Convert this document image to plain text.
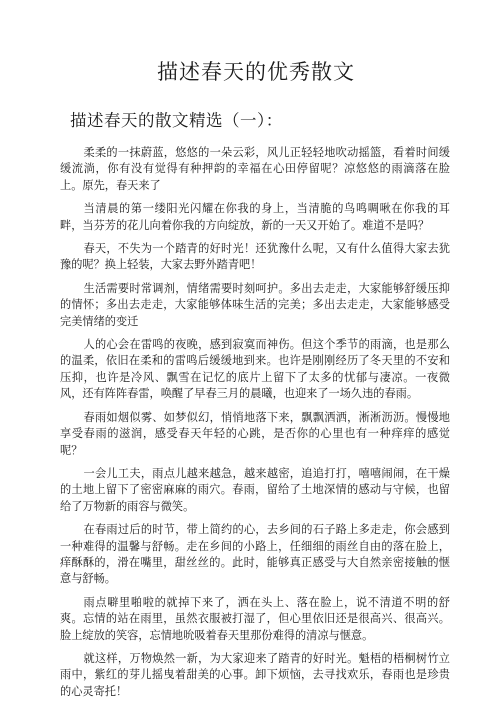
描述春天的优秀散文
描述春天的散文精选（一）：

柔柔的一抹蔚蓝，悠悠的一朵云彩，风儿正轻轻地吹动摇篮，看着时间缓缓流淌，你有没有觉得有种押韵的幸福在心田停留呢？凉悠悠的雨滴落在脸上。原先，春天来了

当清晨的第一缕阳光闪耀在你我的身上，当清脆的鸟鸣啁啾在你我的耳畔，当芬芳的花儿向着你我的方向绽放，新的一天又开始了。难道不是吗？

春天，不失为一个踏青的好时光！还犹豫什么呢，又有什么值得大家去犹豫的呢？换上轻装，大家去野外踏青吧！

生活需要时常调剂，情绪需要时刻呵护。多出去走走，大家能够舒缓压抑的情怀；多出去走走，大家能够体味生活的完美；多出去走走，大家能够感受完美情绪的变迁

人的心会在雷鸣的夜晚，感到寂寞而神伤。但这个季节的雨滴，也是那么的温柔，依旧在柔和的雷鸣后缓缓地到来。也许是刚刚经历了冬天里的不安和压抑，也许是冷风、飘雪在记忆的底片上留下了太多的忧郁与凄凉。一夜微风，还有阵阵春雷，唤醒了早春三月的晨曦，也迎来了一场久违的春雨。

春雨如烟似雾、如梦似幻，悄悄地落下来，飘飘洒洒，淅淅沥沥。慢慢地享受春雨的滋润，感受春天年轻的心跳，是否你的心里也有一种痒痒的感觉呢？

一会儿工夫，雨点儿越来越急，越来越密，追追打打，嘻嘻闹闹，在干燥的土地上留下了密密麻麻的雨穴。春雨，留给了土地深情的感动与守候，也留给了万物新的雨容与微笑。

在春雨过后的时节，带上简约的心，去乡间的石子路上多走走，你会感到一种难得的温馨与舒畅。走在乡间的小路上，任细细的雨丝自由的落在脸上，痒酥酥的，滑在嘴里，甜丝丝的。此时，能够真正感受与大自然亲密接触的惬意与舒畅。

雨点噼里啪啦的就掉下来了，洒在头上、落在脸上，说不清道不明的舒爽。忘情的站在雨里，虽然衣服被打湿了，但心里依旧还是很高兴、很高兴。脸上绽放的笑容，忘情地吮吸着春天里那份难得的清凉与惬意。

就这样，万物焕然一新，为大家迎来了踏青的好时光。魁梧的梧桐树竹立雨中，紫红的芽儿摇曳着甜美的心事。卸下烦恼，去寻找欢乐，春雨也是珍贵的心灵寄托！
